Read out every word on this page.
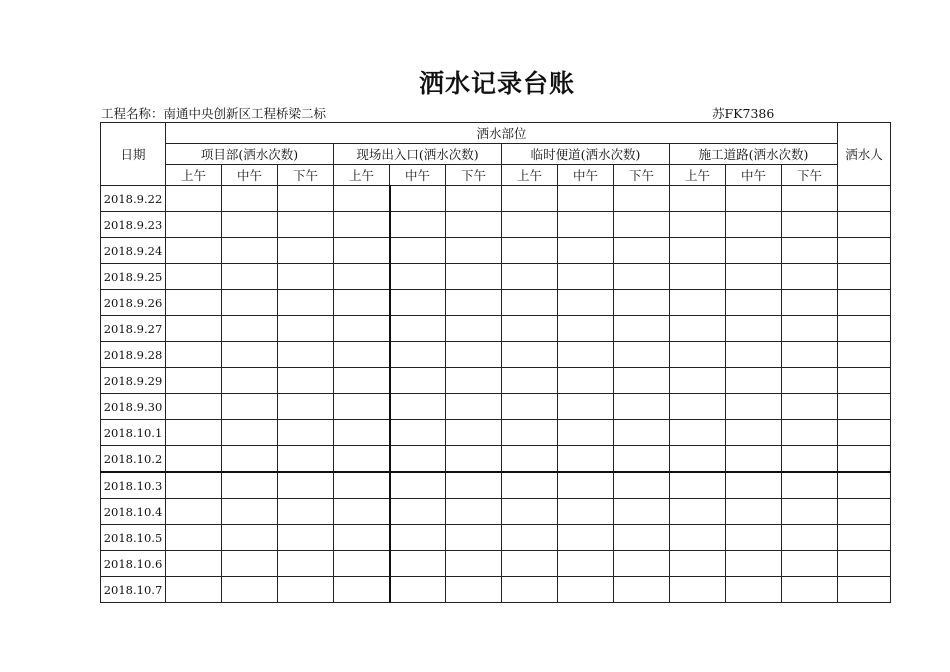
洒水记录台账
工程名称：南通中央创新区工程桥梁二标	苏FK7386
日期	洒水部位												洒水人
	项目部(洒水次数)			现场出入口(洒水次数)			临时便道(洒水次数)			施工道路(洒水次数)			
	上午	中午	下午	上午	中午	下午	上午	中午	下午	上午	中午	下午	
2018.9.22													
2018.9.23													
2018.9.24													
2018.9.25													
2018.9.26													
2018.9.27													
2018.9.28													
2018.9.29													
2018.9.30													
2018.10.1													
2018.10.2													
2018.10.3													
2018.10.4													
2018.10.5													
2018.10.6													
2018.10.7													
